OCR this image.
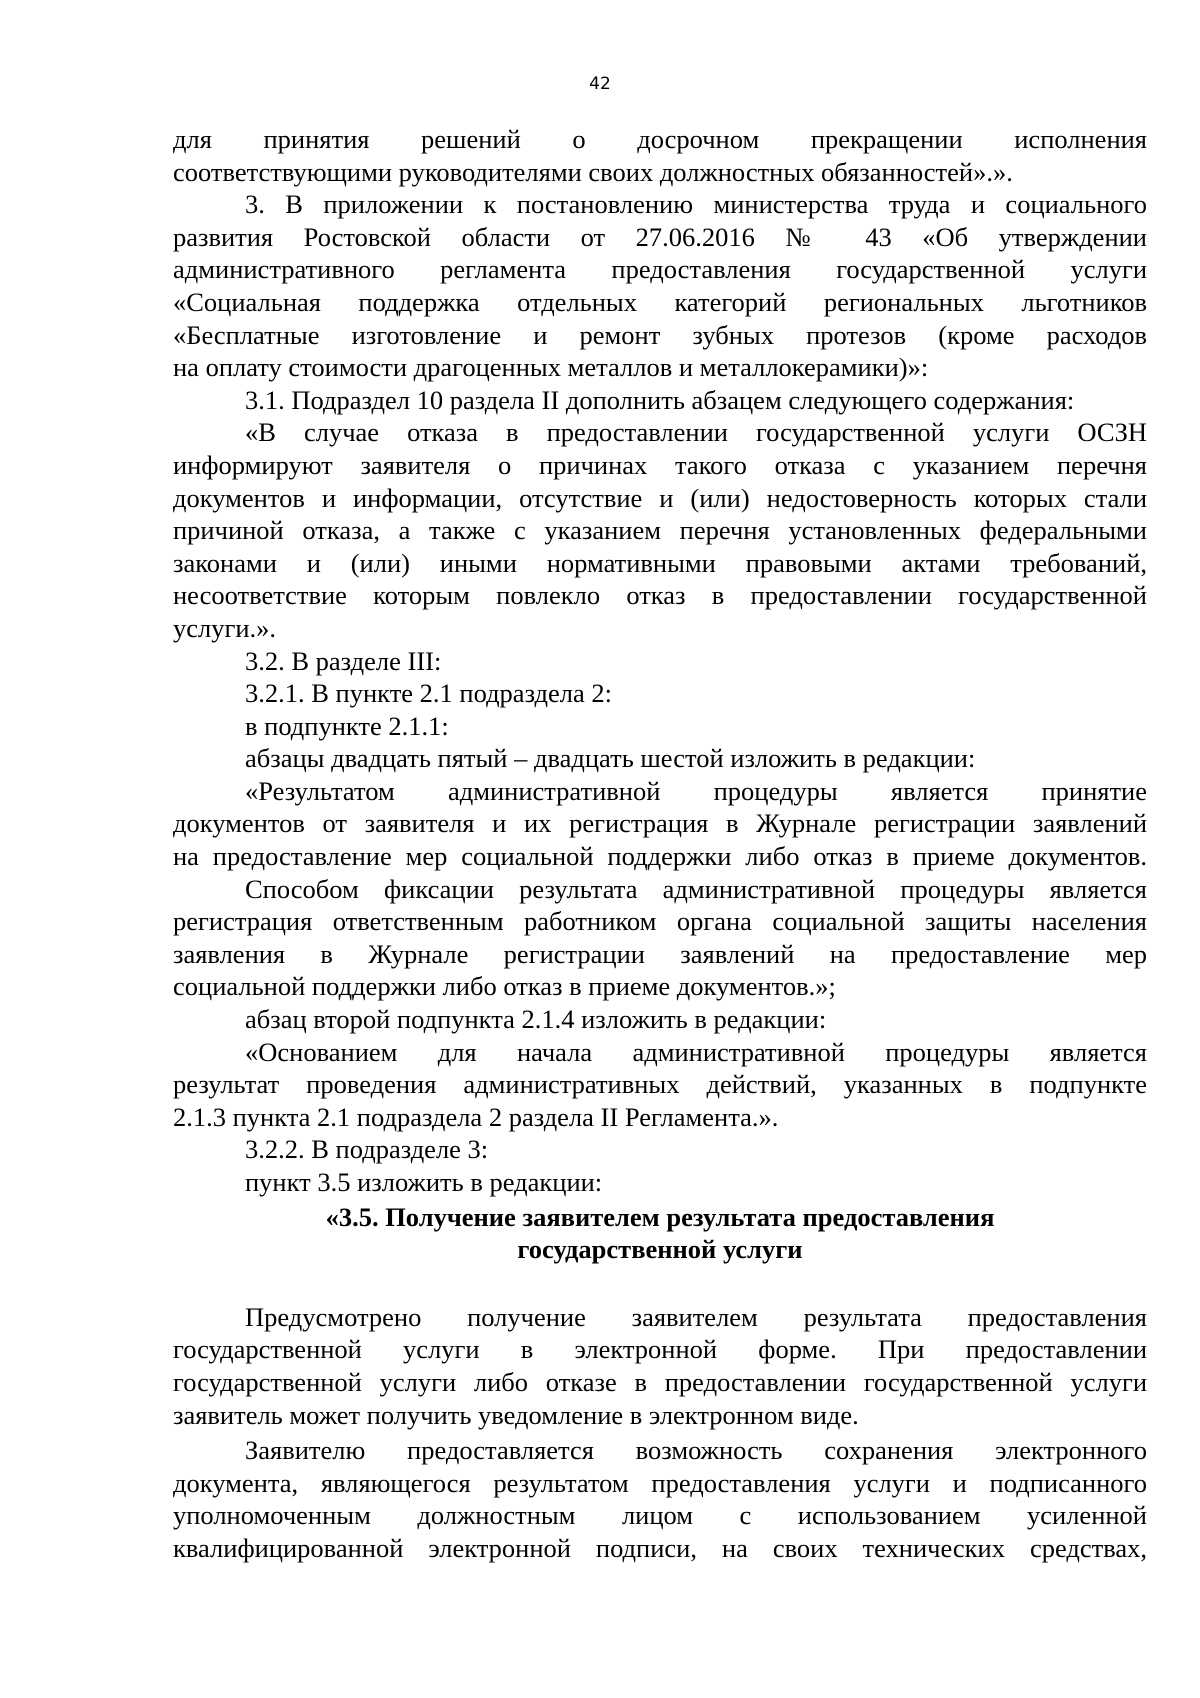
42
для принятия решений о досрочном прекращении исполнения
соответствующими руководителями своих должностных обязанностей».».
3. В приложении к постановлению министерства труда и социального
развития Ростовской области от 27.06.2016 № 43 «Об утверждении
административного регламента предоставления государственной услуги
«Социальная поддержка отдельных категорий региональных льготников
«Бесплатные изготовление и ремонт зубных протезов (кроме расходов
на оплату стоимости драгоценных металлов и металлокерамики)»:
3.1. Подраздел 10 раздела II дополнить абзацем следующего содержания:
«В случае отказа в предоставлении государственной услуги ОСЗН
информируют заявителя о причинах такого отказа с указанием перечня
документов и информации, отсутствие и (или) недостоверность которых стали
причиной отказа, а также с указанием перечня установленных федеральными
законами и (или) иными нормативными правовыми актами требований,
несоответствие которым повлекло отказ в предоставлении государственной
услуги.».
3.2. В разделе III:
3.2.1. В пункте 2.1 подраздела 2:
в подпункте 2.1.1:
абзацы двадцать пятый – двадцать шестой изложить в редакции:
«Результатом административной процедуры является принятие
документов от заявителя и их регистрация в Журнале регистрации заявлений
на предоставление мер социальной поддержки либо отказ в приеме документов.
Способом фиксации результата административной процедуры является
регистрация ответственным работником органа социальной защиты населения
заявления в Журнале регистрации заявлений на предоставление мер
социальной поддержки либо отказ в приеме документов.»;
абзац второй подпункта 2.1.4 изложить в редакции:
«Основанием для начала административной процедуры является
результат проведения административных действий, указанных в подпункте
2.1.3 пункта 2.1 подраздела 2 раздела II Регламента.».
3.2.2. В подразделе 3:
пункт 3.5 изложить в редакции:
«3.5. Получение заявителем результата предоставления
государственной услуги
Предусмотрено получение заявителем результата предоставления
государственной услуги в электронной форме. При предоставлении
государственной услуги либо отказе в предоставлении государственной услуги
заявитель может получить уведомление в электронном виде.
Заявителю предоставляется возможность сохранения электронного
документа, являющегося результатом предоставления услуги и подписанного
уполномоченным должностным лицом с использованием усиленной
квалифицированной электронной подписи, на своих технических средствах,
